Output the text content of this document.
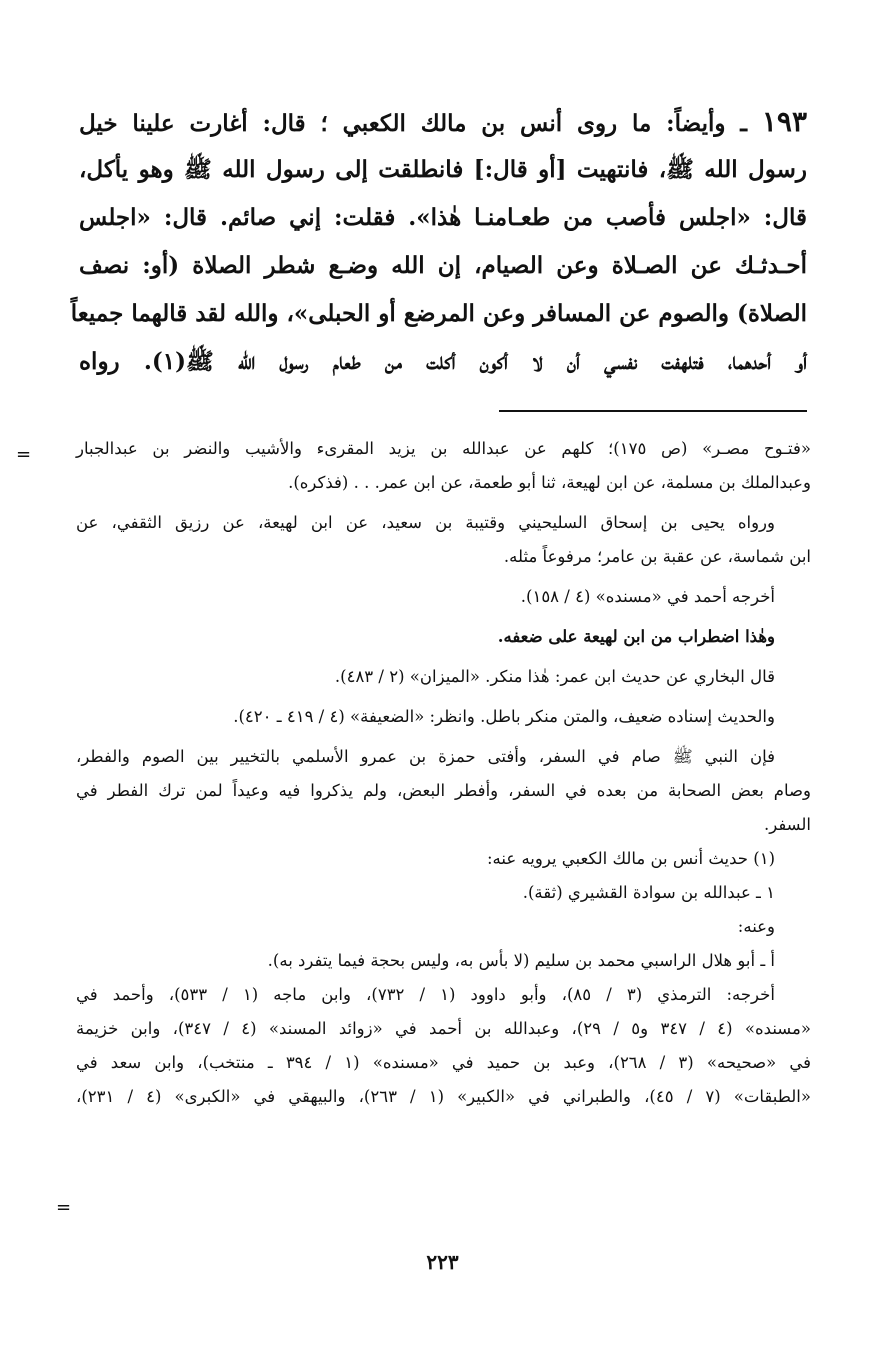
١٩٣ ـ وأيضاً: ما روى أنس بن مالك الكعبي ؛ قال: أغارت علينا خيل
رسول الله ﷺ، فانتهيت [أو قال:] فانطلقت إلى رسول الله ﷺ وهو يأكل،
قال: «اجلس فأصب من طعـامنـا هٰذا». فقلت: إني صائم. قال: «اجلس
أحـدثـك عن الصـلاة وعن الصيام، إن الله وضـع شطر الصلاة (أو: نصف
الصلاة) والصوم عن المسافر وعن المرضع أو الحبلى»، والله لقد قالهما جميعاً
أو أحدهما، فتلهفت نفسي أن لا أكون أكلت من طعام رسول الله ﷺ(١). رواه
=
=
«فتـوح مصـر» (ص ١٧٥)؛ كلهم عن عبدالله بن يزيد المقرىء والأشيب والنضر بن عبدالجبار
وعبدالملك بن مسلمة، عن ابن لهيعة، ثنا أبو طعمة، عن ابن عمر. . . (فذكره).
ورواه يحيى بن إسحاق السليحيني وقتيبة بن سعيد، عن ابن لهيعة، عن رزيق الثقفي، عن
ابن شماسة، عن عقبة بن عامر؛ مرفوعاً مثله.
أخرجه أحمد في «مسنده» (٤ / ١٥٨).
وهٰذا اضطراب من ابن لهيعة على ضعفه.
قال البخاري عن حديث ابن عمر: هٰذا منكر. «الميزان» (٢ / ٤٨٣).
والحديث إسناده ضعيف، والمتن منكر باطل. وانظر: «الضعيفة» (٤ / ٤١٩ ـ ٤٢٠).
فإن النبي ﷺ صام في السفر، وأفتى حمزة بن عمرو الأسلمي بالتخيير بين الصوم والفطر،
وصام بعض الصحابة من بعده في السفر، وأفطر البعض، ولم يذكروا فيه وعيداً لمن ترك الفطر في
السفر.
(١) حديث أنس بن مالك الكعبي يرويه عنه:
١ ـ عبدالله بن سوادة القشيري (ثقة).
وعنه:
أ ـ أبو هلال الراسبي محمد بن سليم (لا بأس به، وليس بحجة فيما يتفرد به).
أخرجه: الترمذي (٣ / ٨٥)، وأبو داوود (١ / ٧٣٢)، وابن ماجه (١ / ٥٣٣)، وأحمد في
«مسنده» (٤ / ٣٤٧ و٥ / ٢٩)، وعبدالله بن أحمد في «زوائد المسند» (٤ / ٣٤٧)، وابن خزيمة
في «صحيحه» (٣ / ٢٦٨)، وعبد بن حميد في «مسنده» (١ / ٣٩٤ ـ منتخب)، وابن سعد في
«الطبقات» (٧ / ٤٥)، والطبراني في «الكبير» (١ / ٢٦٣)، والبيهقي في «الكبرى» (٤ / ٢٣١)،
٢٢٣
